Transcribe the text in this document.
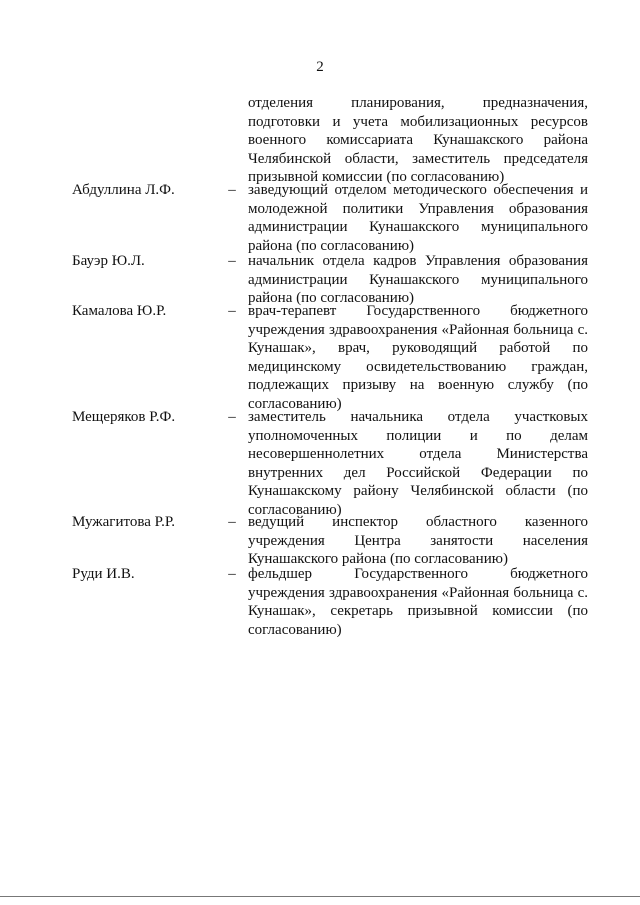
2
отделения планирования, предназначения, подготовки и учета мобилизационных ресурсов военного комиссариата Кунашакского района Челябинской области, заместитель председателя призывной комиссии (по согласованию)
Абдуллина Л.Ф.	– заведующий отделом методического обеспечения и молодежной политики Управления образования администрации Кунашакского муниципального района (по согласованию)
Бауэр Ю.Л.	– начальник отдела кадров Управления образования администрации Кунашакского муниципального района (по согласованию)
Камалова Ю.Р.	– врач-терапевт Государственного бюджетного учреждения здравоохранения «Районная больница с. Кунашак», врач, руководящий работой по медицинскому освидетельствованию граждан, подлежащих призыву на военную службу (по согласованию)
Мещеряков Р.Ф.	– заместитель начальника отдела участковых уполномоченных полиции и по делам несовершеннолетних отдела Министерства внутренних дел Российской Федерации по Кунашакскому району Челябинской области (по согласованию)
Мужагитова Р.Р.	– ведущий инспектор областного казенного учреждения Центра занятости населения Кунашакского района (по согласованию)
Руди И.В.	– фельдшер Государственного бюджетного учреждения здравоохранения «Районная больница с. Кунашак», секретарь призывной комиссии (по согласованию)
